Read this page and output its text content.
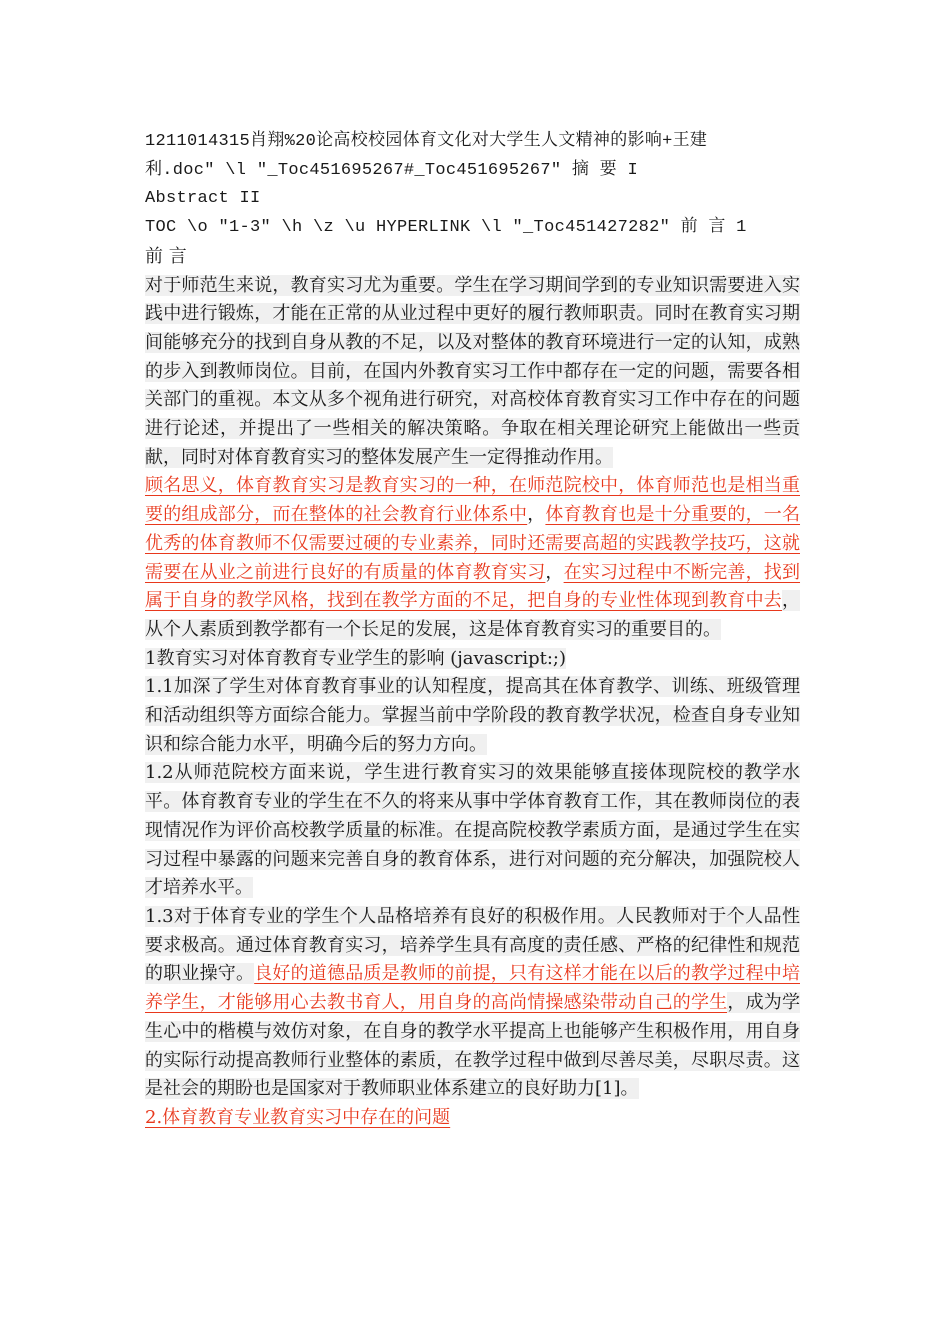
1211014315肖翔%20论高校校园体育文化对大学生人文精神的影响+王建
利.doc" \l "_Toc451695267#_Toc451695267" 摘 要 I
Abstract II
TOC \o "1-3" \h \z \u HYPERLINK \l "_Toc451427282" 前 言 1
前 言
对于师范生来说，教育实习尤为重要。学生在学习期间学到的专业知识需要进入实践中进行锻炼，才能在正常的从业过程中更好的履行教师职责。同时在教育实习期间能够充分的找到自身从教的不足，以及对整体的教育环境进行一定的认知，成熟的步入到教师岗位。目前，在国内外教育实习工作中都存在一定的问题，需要各相关部门的重视。本文从多个视角进行研究，对高校体育教育实习工作中存在的问题进行论述，并提出了一些相关的解决策略。争取在相关理论研究上能做出一些贡献，同时对体育教育实习的整体发展产生一定得推动作用。
顾名思义，体育教育实习是教育实习的一种，在师范院校中，体育师范也是相当重要的组成部分，而在整体的社会教育行业体系中，体育教育也是十分重要的，一名优秀的体育教师不仅需要过硬的专业素养，同时还需要高超的实践教学技巧，这就需要在从业之前进行良好的有质量的体育教育实习，在实习过程中不断完善，找到属于自身的教学风格，找到在教学方面的不足，把自身的专业性体现到教育中去，从个人素质到教学都有一个长足的发展，这是体育教育实习的重要目的。
1教育实习对体育教育专业学生的影响 (javascript:;)
1.1加深了学生对体育教育事业的认知程度，提高其在体育教学、训练、班级管理和活动组织等方面综合能力。掌握当前中学阶段的教育教学状况，检查自身专业知识和综合能力水平，明确今后的努力方向。
1.2从师范院校方面来说，学生进行教育实习的效果能够直接体现院校的教学水平。体育教育专业的学生在不久的将来从事中学体育教育工作，其在教师岗位的表现情况作为评价高校教学质量的标准。在提高院校教学素质方面，是通过学生在实习过程中暴露的问题来完善自身的教育体系，进行对问题的充分解决，加强院校人才培养水平。
1.3对于体育专业的学生个人品格培养有良好的积极作用。人民教师对于个人品性要求极高。通过体育教育实习，培养学生具有高度的责任感、严格的纪律性和规范的职业操守。良好的道德品质是教师的前提，只有这样才能在以后的教学过程中培养学生，才能够用心去教书育人，用自身的高尚情操感染带动自己的学生，成为学生心中的楷模与效仿对象，在自身的教学水平提高上也能够产生积极作用，用自身的实际行动提高教师行业整体的素质，在教学过程中做到尽善尽美，尽职尽责。这是社会的期盼也是国家对于教师职业体系建立的良好助力[1]。
2.体育教育专业教育实习中存在的问题
